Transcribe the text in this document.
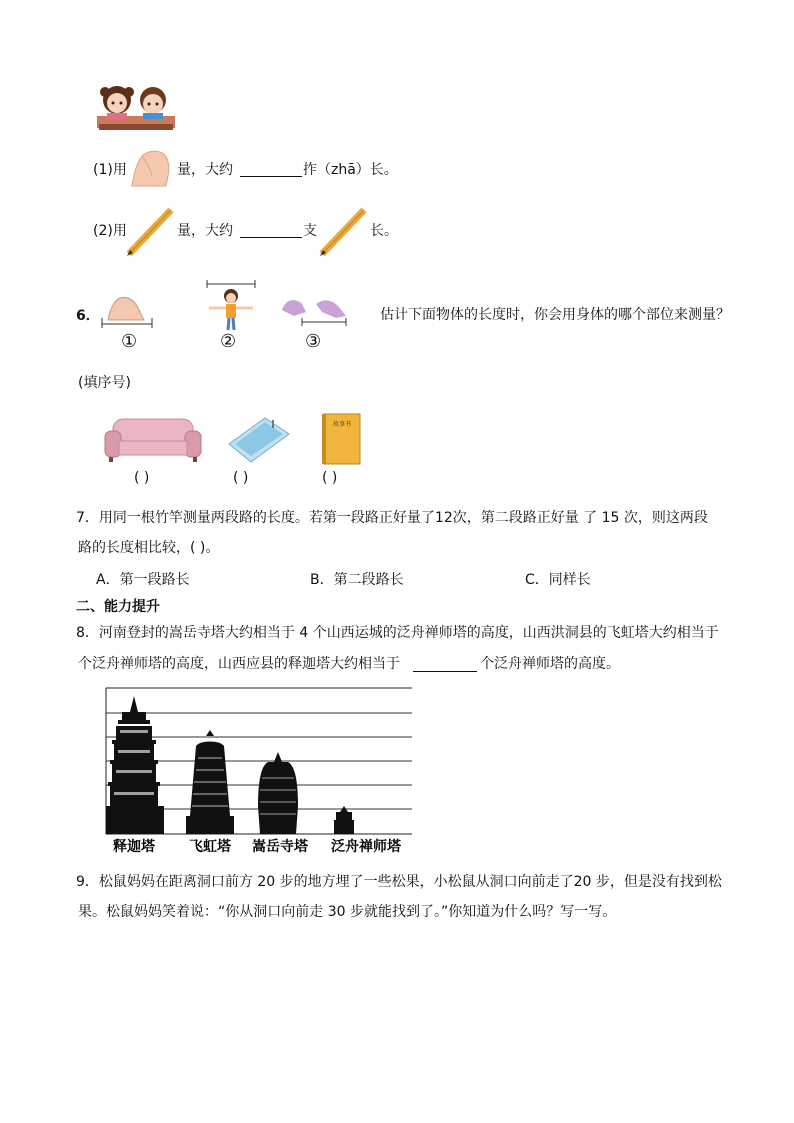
(1)用	量，大约	拃（zhā）长。
(2)用	量，大约	支	长。
6．
①	②	③
估计下面物体的长度时，你会用身体的哪个部位来测量？
(填序号)
( )	( )
故事书
( )
7．用同一根竹竿测量两段路的长度。若第一段路正好量了12次，第二段路正好量 了 15 次，则这两段
路的长度相比较，( )。
A．第一段路长	B．第二段路长	C．同样长
二、能力提升
8．河南登封的嵩岳寺塔大约相当于 4 个山西运城的泛舟禅师塔的高度，山西洪洞县的飞虹塔大约相当于
个泛舟禅师塔的高度，山西应县的释迦塔大约相当于	个泛舟禅师塔的高度。
释迦塔 飞虹塔 嵩岳寺塔 泛舟禅师塔
9．松鼠妈妈在距离洞口前方 20 步的地方埋了一些松果，小松鼠从洞口向前走了20 步，但是没有找到松
果。松鼠妈妈笑着说：“你从洞口向前走 30 步就能找到了。”你知道为什么吗？写一写。
